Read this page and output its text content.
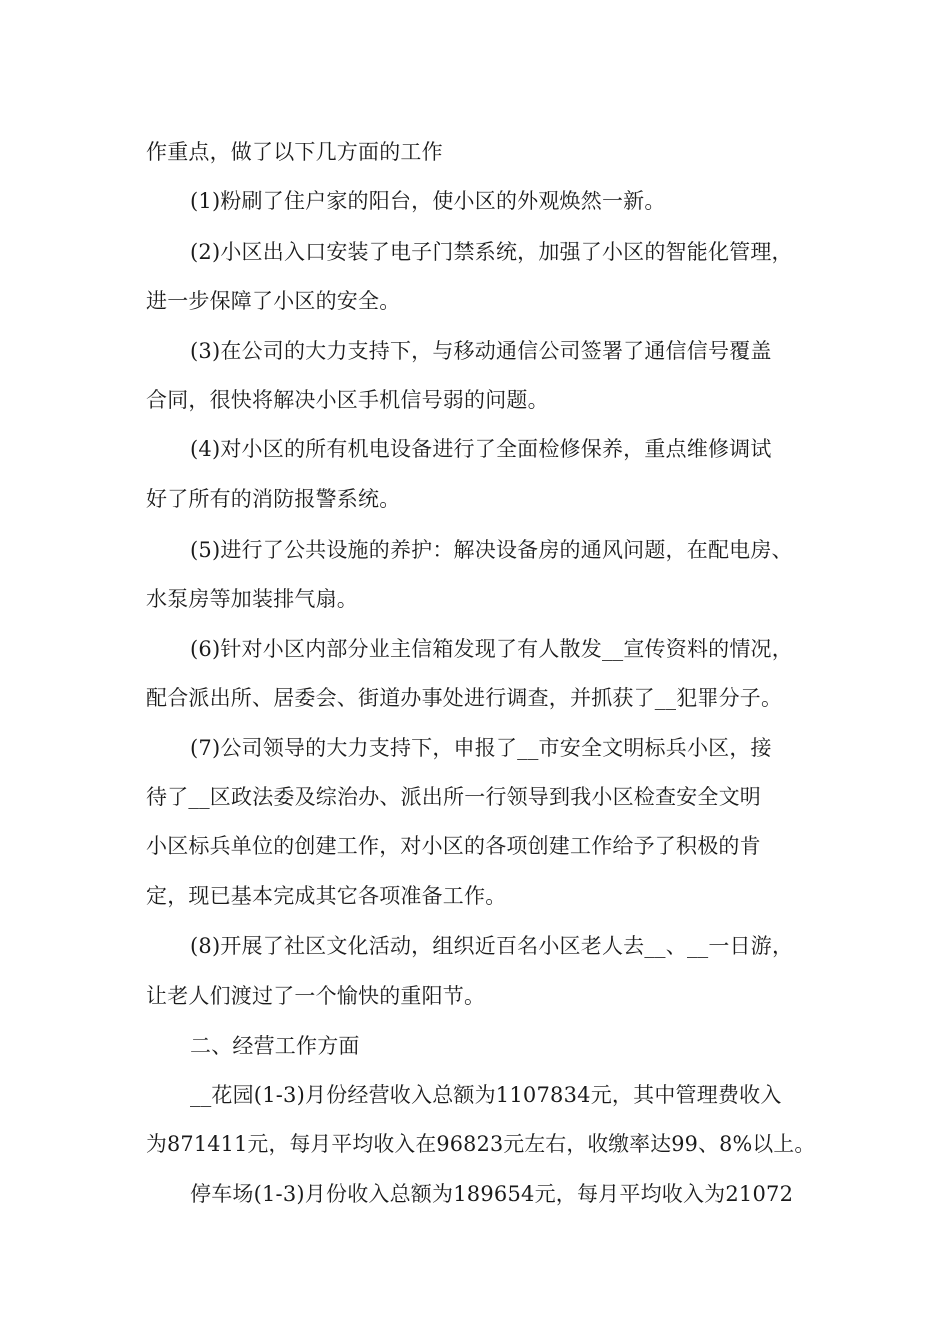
作重点，做了以下几方面的工作
(1)粉刷了住户家的阳台，使小区的外观焕然一新。
(2)小区出入口安装了电子门禁系统，加强了小区的智能化管理，
进一步保障了小区的安全。
(3)在公司的大力支持下，与移动通信公司签署了通信信号覆盖
合同，很快将解决小区手机信号弱的问题。
(4)对小区的所有机电设备进行了全面检修保养，重点维修调试
好了所有的消防报警系统。
(5)进行了公共设施的养护：解决设备房的通风问题，在配电房、
水泵房等加装排气扇。
(6)针对小区内部分业主信箱发现了有人散发__宣传资料的情况，
配合派出所、居委会、街道办事处进行调查，并抓获了__犯罪分子。
(7)公司领导的大力支持下，申报了__市安全文明标兵小区，接
待了__区政法委及综治办、派出所一行领导到我小区检查安全文明
小区标兵单位的创建工作，对小区的各项创建工作给予了积极的肯
定，现已基本完成其它各项准备工作。
(8)开展了社区文化活动，组织近百名小区老人去__、__一日游，
让老人们渡过了一个愉快的重阳节。
二、经营工作方面
__花园(1-3)月份经营收入总额为1107834元，其中管理费收入
为871411元，每月平均收入在96823元左右，收缴率达99、8%以上。
停车场(1-3)月份收入总额为189654元，每月平均收入为21072
